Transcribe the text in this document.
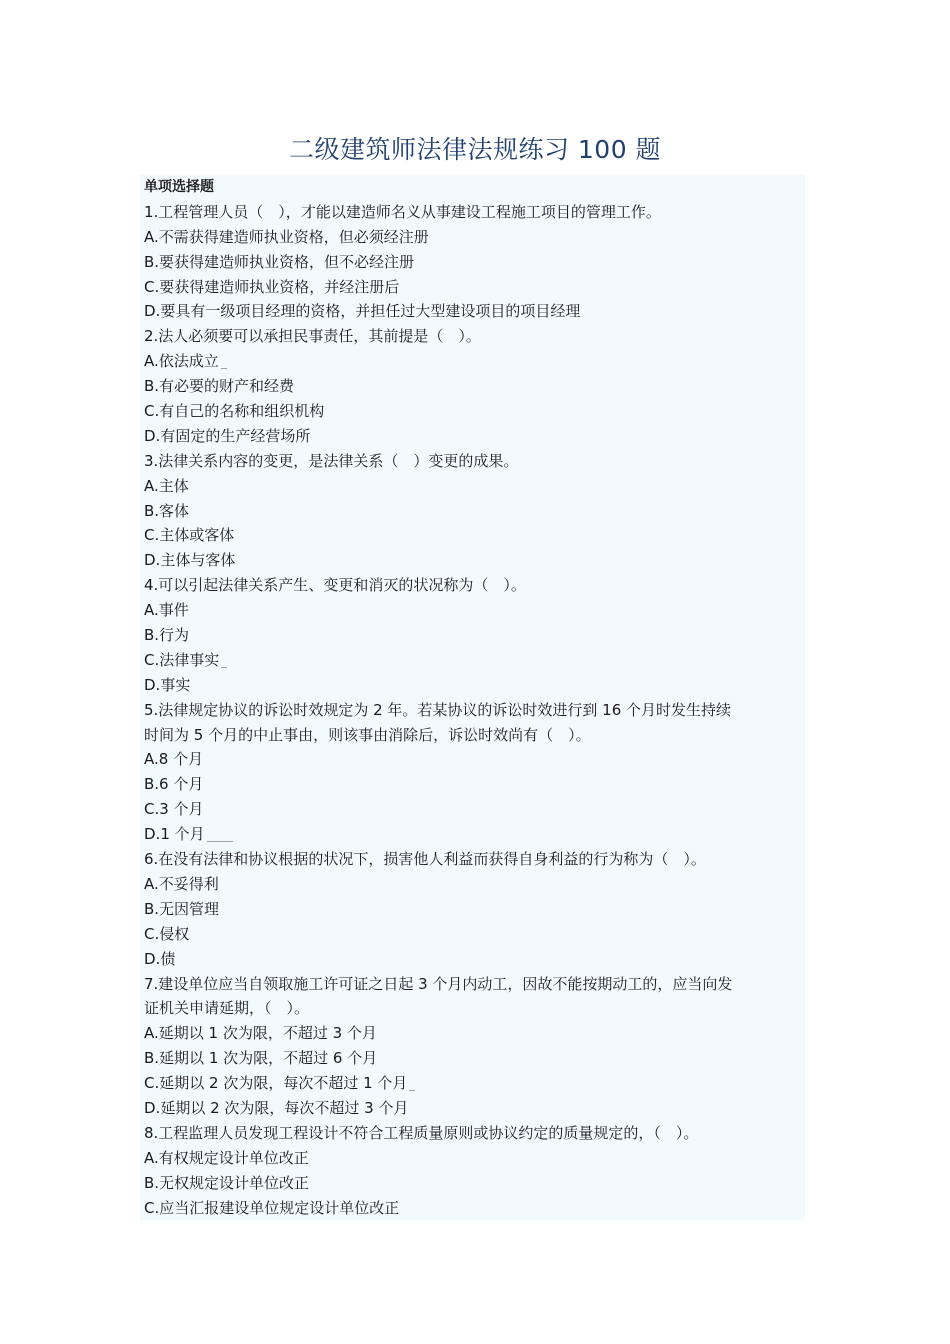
二级建筑师法律法规练习 100 题
单项选择题
1.工程管理人员（　），才能以建造师名义从事建设工程施工项目的管理工作。
A.不需获得建造师执业资格，但必须经注册
B.要获得建造师执业资格，但不必经注册
C.要获得建造师执业资格，并经注册后
D.要具有一级项目经理的资格，并担任过大型建设项目的项目经理
2.法人必须要可以承担民事责任，其前提是（　）。
A.依法成立
B.有必要的财产和经费
C.有自己的名称和组织机构
D.有固定的生产经营场所
3.法律关系内容的变更，是法律关系（　）变更的成果。
A.主体
B.客体
C.主体或客体
D.主体与客体
4.可以引起法律关系产生、变更和消灭的状况称为（　）。
A.事件
B.行为
C.法律事实
D.事实
5.法律规定协议的诉讼时效规定为 2 年。若某协议的诉讼时效进行到 16 个月时发生持续
时间为 5 个月的中止事由，则该事由消除后，诉讼时效尚有（　）。
A.8 个月
B.6 个月
C.3 个月
D.1 个月
6.在没有法律和协议根据的状况下，损害他人利益而获得自身利益的行为称为（　）。
A.不妥得利
B.无因管理
C.侵权
D.债
7.建设单位应当自领取施工许可证之日起 3 个月内动工，因故不能按期动工的，应当向发
证机关申请延期，（　）。
A.延期以 1 次为限，不超过 3 个月
B.延期以 1 次为限，不超过 6 个月
C.延期以 2 次为限，每次不超过 1 个月
D.延期以 2 次为限，每次不超过 3 个月
8.工程监理人员发现工程设计不符合工程质量原则或协议约定的质量规定的，（　）。
A.有权规定设计单位改正
B.无权规定设计单位改正
C.应当汇报建设单位规定设计单位改正
